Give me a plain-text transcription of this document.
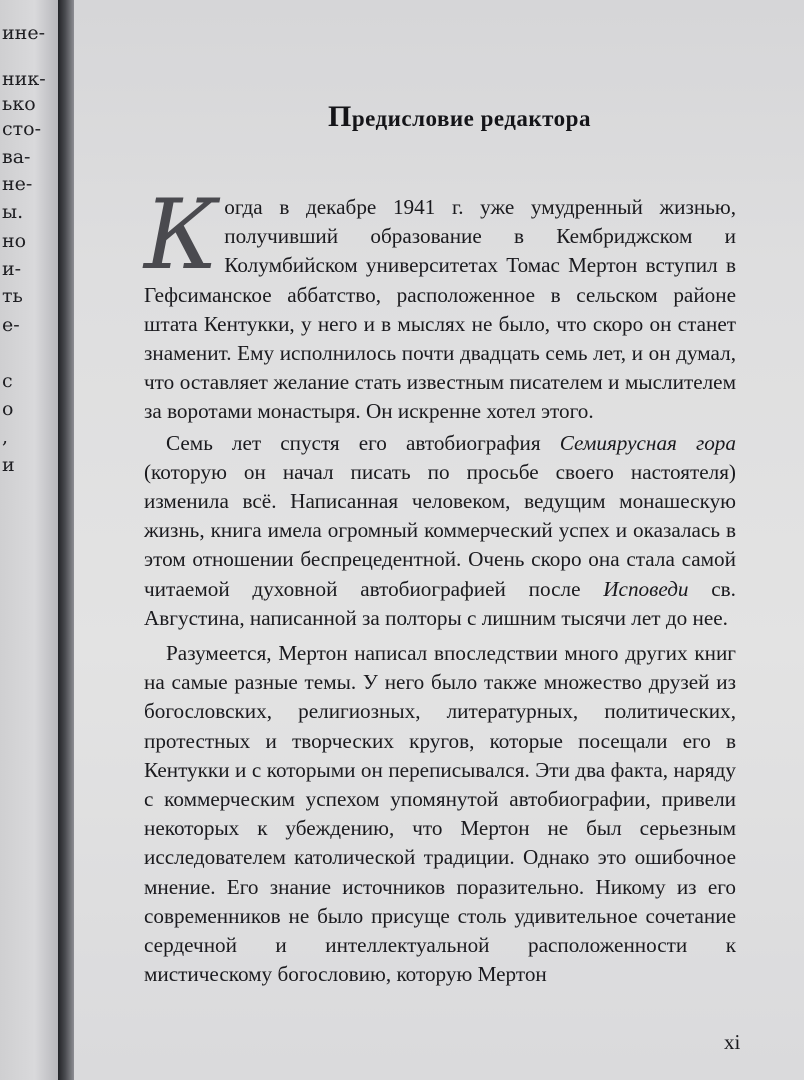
ине-
ник-
ько
сто-
ва-
не-
ы.
но
и-
ть
е-
с
о
,
и
Предисловие редактора

Когда в декабре 1941 г. уже умудренный жизнью, получивший образование в Кембриджском и Колумбийском университетах Томас Мертон вступил в Гефсиманское аббатство, расположенное в сельском районе штата Кентукки, у него и в мыслях не было, что скоро он станет знаменит. Ему исполнилось почти двадцать семь лет, и он думал, что оставляет желание стать известным писателем и мыслителем за воротами монастыря. Он искренне хотел этого.

Семь лет спустя его автобиография Семиярусная гора (которую он начал писать по просьбе своего настоятеля) изменила всё. Написанная человеком, ведущим монашескую жизнь, книга имела огромный коммерческий успех и оказалась в этом отношении беспрецедентной. Очень скоро она стала самой читаемой духовной автобиографией после Исповеди св. Августина, написанной за полторы с лишним тысячи лет до нее.

Разумеется, Мертон написал впоследствии много других книг на самые разные темы. У него было также множество друзей из богословских, религиозных, литературных, политических, протестных и творческих кругов, которые посещали его в Кентукки и с которыми он переписывался. Эти два факта, наряду с коммерческим успехом упомянутой автобиографии, привели некоторых к убеждению, что Мертон не был серьезным исследователем католической традиции. Однако это ошибочное мнение. Его знание источников поразительно. Никому из его современников не было присуще столь удивительное сочетание сердечной и интеллектуальной расположенности к мистическому богословию, которую Мертон

xi
